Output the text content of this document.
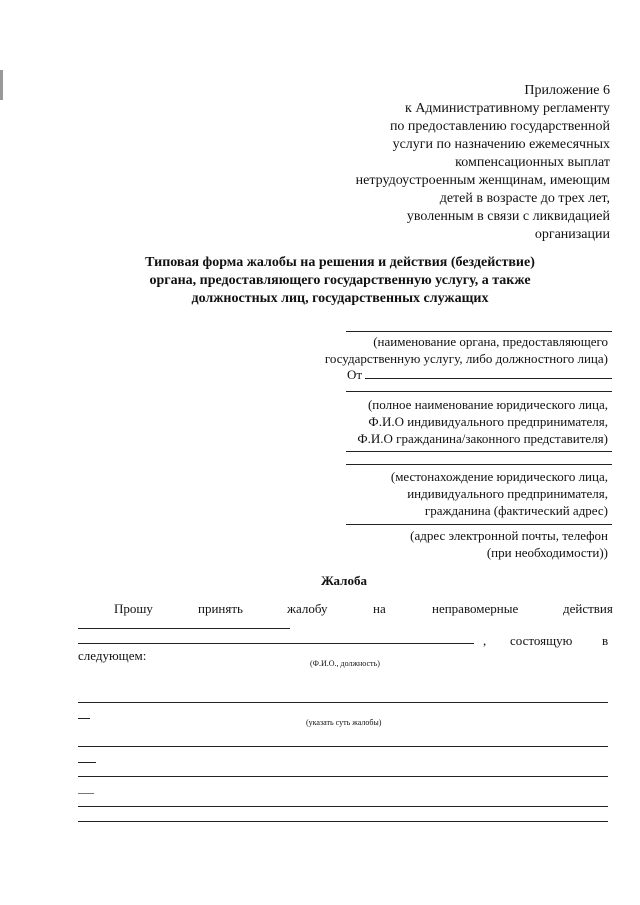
Приложение 6
к Административному регламенту
по предоставлению государственной
услуги по назначению ежемесячных
компенсационных выплат
нетрудоустроенным женщинам, имеющим
детей в возрасте до трех лет,
уволенным в связи с ликвидацией
организации
Типовая форма жалобы на решения и действия (бездействие)
органа, предоставляющего государственную услугу, а также
должностных лиц, государственных служащих
(наименование органа, предоставляющего
государственную услугу, либо должностного лица)
От
(полное наименование юридического лица,
Ф.И.О индивидуального предпринимателя,
Ф.И.О гражданина/законного представителя)
(местонахождение юридического лица,
индивидуального предпринимателя,
гражданина (фактический адрес)
(адрес электронной почты, телефон
(при необходимости))
Жалоба
Прошу	принять	жалобу	на	неправомерные	действия
, состоящую в
следующем:
(Ф.И.О., должность)
(указать суть жалобы)
